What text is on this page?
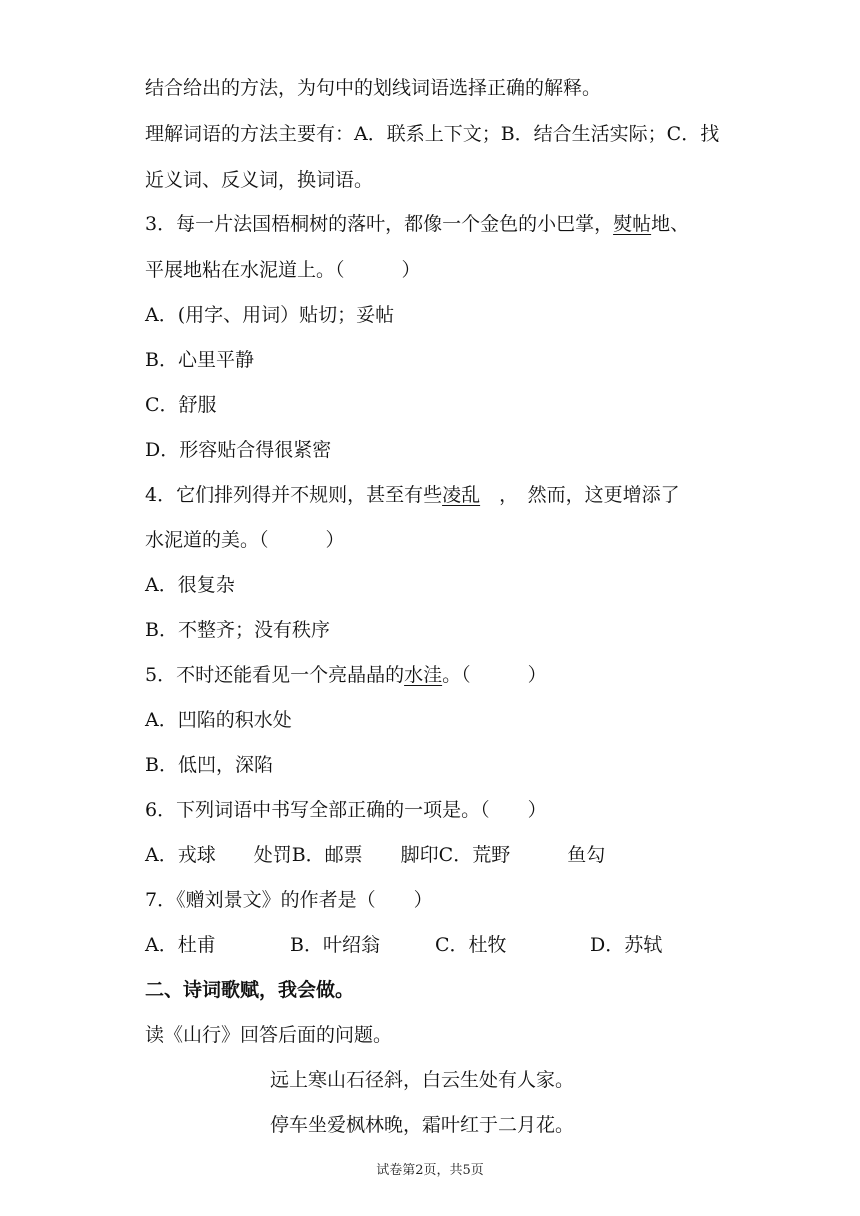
结合给出的方法，为句中的划线词语选择正确的解释。
理解词语的方法主要有：A．联系上下文；B．结合生活实际；C．找
近义词、反义词，换词语。
3．每一片法国梧桐树的落叶，都像一个金色的小巴掌，熨帖地、
平展地粘在水泥道上。（　　　）
A．(用字、用词）贴切；妥帖
B．心里平静
C．舒服
D．形容贴合得很紧密
4．它们排列得并不规则，甚至有些凌乱　，　然而，这更增添了
水泥道的美。（　　　）
A．很复杂
B．不整齐；没有秩序
5．不时还能看见一个亮晶晶的水洼。（　　　）
A．凹陷的积水处
B．低凹，深陷
6．下列词语中书写全部正确的一项是。（　　）
A．戎球　　处罚B．邮票　　脚印C．荒野　　　鱼勾
7．《赠刘景文》的作者是（　　）
A．杜甫	B．叶绍翁	C．杜牧	D．苏轼
二、诗词歌赋，我会做。
读《山行》回答后面的问题。
远上寒山石径斜，白云生处有人家。
停车坐爱枫林晚，霜叶红于二月花。
试卷第2页，共5页
